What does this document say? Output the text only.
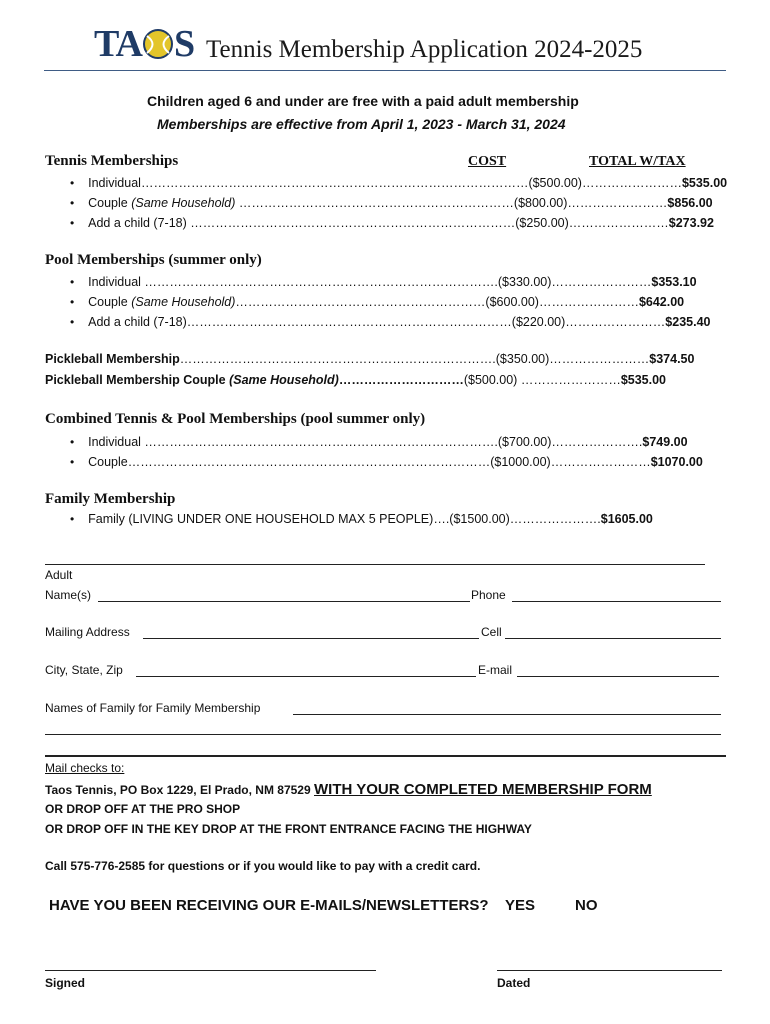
TA S Tennis Membership Application 2024-2025
Children aged 6 and under are free with a paid adult membership
Memberships are effective from April 1, 2023 - March 31, 2024
Tennis Memberships	COST	TOTAL W/TAX
• Individual…………………………………………………………………………………($500.00)……………………$535.00
• Couple (Same Household) …………………………………………………………($800.00)……………………$856.00
• Add a child (7-18) ……………………………………………………………………($250.00)……………………$273.92
Pool Memberships (summer only)
• Individual ………………………………………………………………………….($330.00)……………………$353.10
• Couple (Same Household)……………………………………………………($600.00)……………………$642.00
• Add a child (7-18)……………………………………………………………………($220.00)……………………$235.40
Pickleball Membership………………………………………………………………….($350.00)……………………$374.50
Pickleball Membership Couple (Same Household)…………………………($500.00) ……………………$535.00
Combined Tennis & Pool Memberships (pool summer only)
• Individual ………………………………………………………………………….($700.00)………………….$749.00
• Couple……………………………………………………………………………($1000.00)……………………$1070.00
Family Membership
• Family (LIVING UNDER ONE HOUSEHOLD MAX 5 PEOPLE)….($1500.00)………………….$1605.00
Adult
Name(s)	Phone
Mailing Address	Cell
City, State, Zip	E-mail
Names of Family for Family Membership
Mail checks to:
Taos Tennis, PO Box 1229, El Prado, NM 87529 WITH YOUR COMPLETED MEMBERSHIP FORM
OR DROP OFF AT THE PRO SHOP
OR DROP OFF IN THE KEY DROP AT THE FRONT ENTRANCE FACING THE HIGHWAY
Call 575-776-2585 for questions or if you would like to pay with a credit card.
HAVE YOU BEEN RECEIVING OUR E-MAILS/NEWSLETTERS? YES	NO
Signed	Dated
